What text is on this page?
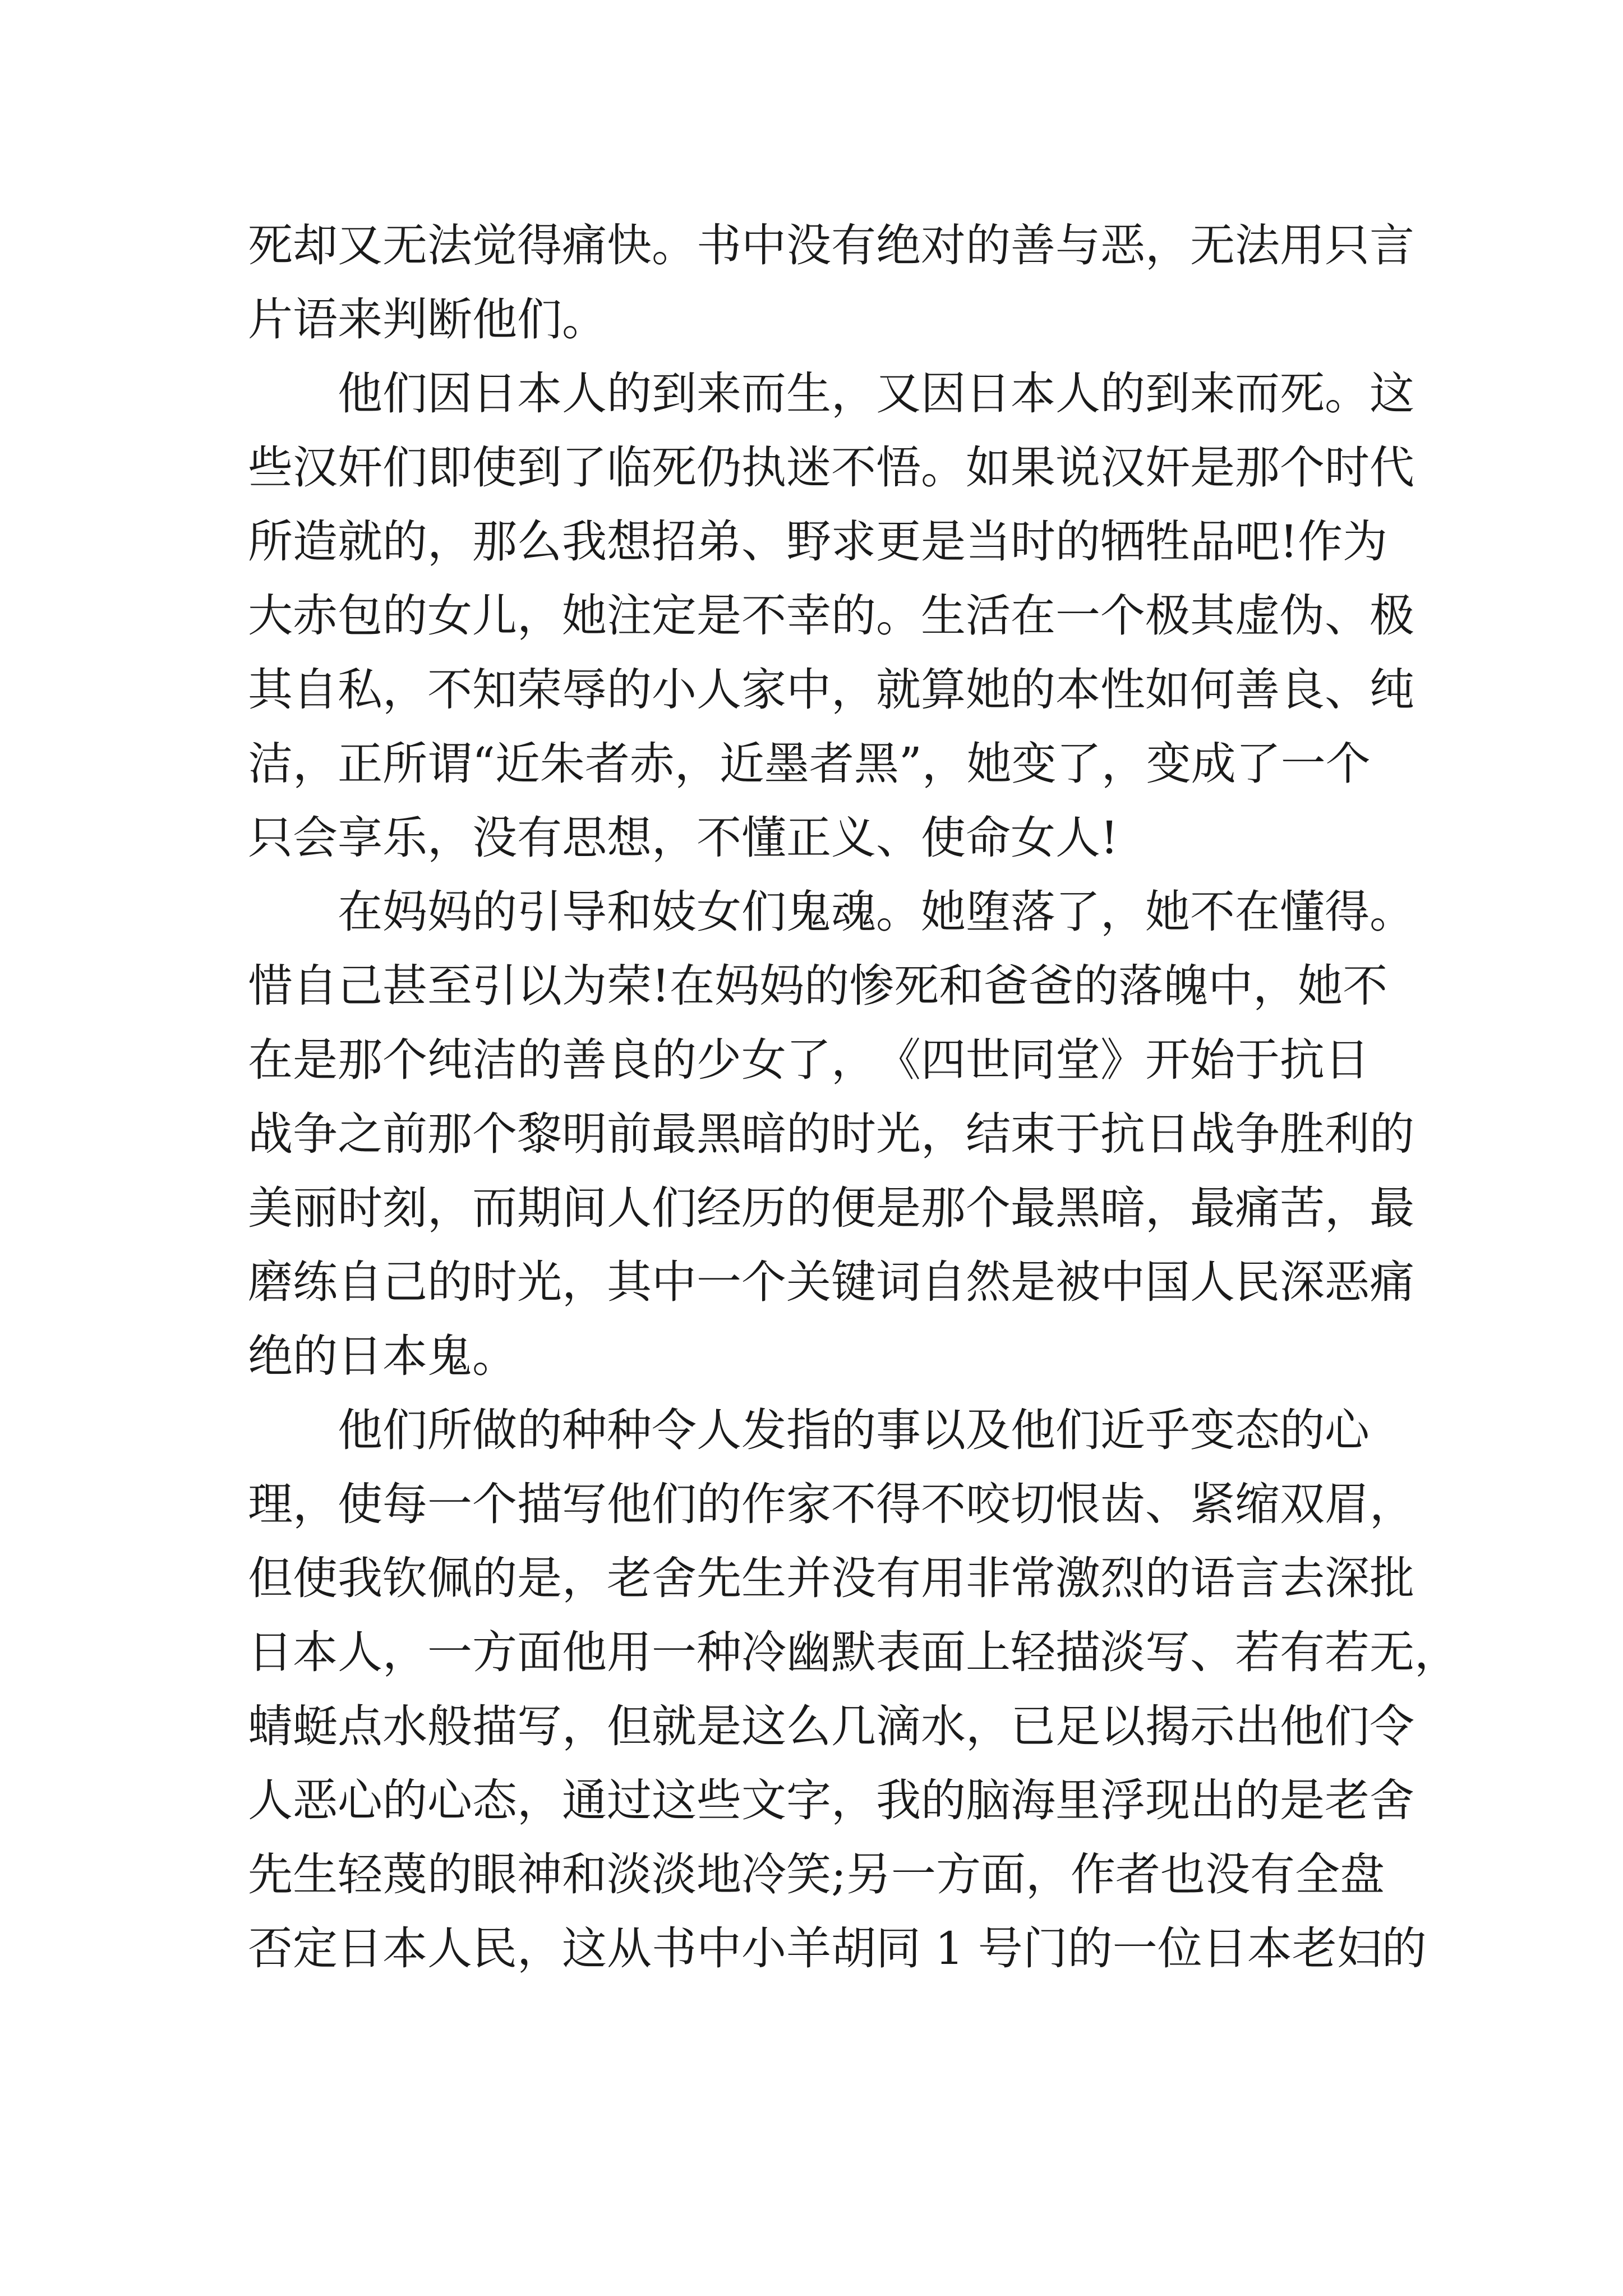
死却又无法觉得痛快。书中没有绝对的善与恶，无法用只言
片语来判断他们。
他们因日本人的到来而生，又因日本人的到来而死。这
些汉奸们即使到了临死仍执迷不悟。如果说汉奸是那个时代
所造就的，那么我想招弟、野求更是当时的牺牲品吧!作为
大赤包的女儿，她注定是不幸的。生活在一个极其虚伪、极
其自私，不知荣辱的小人家中，就算她的本性如何善良、纯
洁，正所谓“近朱者赤，近墨者黑”，她变了，变成了一个
只会享乐，没有思想，不懂正义、使命女人!
在妈妈的引导和妓女们鬼魂。她堕落了，她不在懂得。
惜自己甚至引以为荣!在妈妈的惨死和爸爸的落魄中，她不
在是那个纯洁的善良的少女了，　《四世同堂》开始于抗日
战争之前那个黎明前最黑暗的时光，结束于抗日战争胜利的
美丽时刻，而期间人们经历的便是那个最黑暗，最痛苦，最
磨练自己的时光，其中一个关键词自然是被中国人民深恶痛
绝的日本鬼。
他们所做的种种令人发指的事以及他们近乎变态的心
理，使每一个描写他们的作家不得不咬切恨齿、紧缩双眉，
但使我钦佩的是，老舍先生并没有用非常激烈的语言去深批
日本人，一方面他用一种冷幽默表面上轻描淡写、若有若无，
蜻蜓点水般描写，但就是这么几滴水，已足以揭示出他们令
人恶心的心态，通过这些文字，我的脑海里浮现出的是老舍
先生轻蔑的眼神和淡淡地冷笑;另一方面，作者也没有全盘
否定日本人民，这从书中小羊胡同 1 号门的一位日本老妇的
